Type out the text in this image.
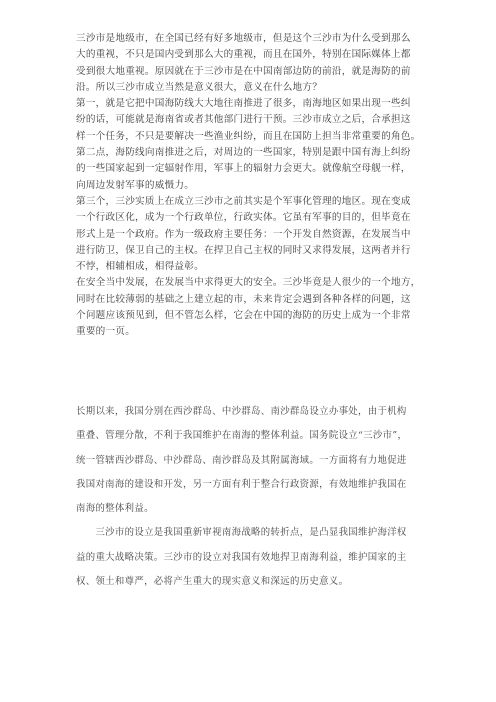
三沙市是地级市，在全国已经有好多地级市，但是这个三沙市为什么受到那么
大的重视，不只是国内受到那么大的重视，而且在国外，特别在国际媒体上都
受到很大地重视。原因就在于三沙市是在中国南部边防的前沿，就是海防的前
沿。所以三沙市成立当然是意义很大，意义在什么地方？
第一，就是它把中国海防线大大地往南推进了很多，南海地区如果出现一些纠
纷的话，可能就是海南省或者其他部门进行干预。三沙市成立之后，合承担这
样一个任务，不只是要解决一些渔业纠纷，而且在国防上担当非常重要的角色。
第二点，海防线向南推进之后，对周边的一些国家，特别是跟中国有海上纠纷
的一些国家起到一定辐射作用，军事上的辐射力会更大。就像航空母舰一样，
向周边发射军事的威慑力。
第三个，三沙实质上在成立三沙市之前其实是个军事化管理的地区。现在变成
一个行政区化，成为一个行政单位，行政实体。它虽有军事的目的，但毕竟在
形式上是一个政府。作为一级政府主要任务：一个开发自然资源，在发展当中
进行防卫，保卫自己的主权。在捍卫自己主权的同时又求得发展，这两者并行
不悖，相辅相成，相得益彰。
在安全当中发展，在发展当中求得更大的安全。三沙毕竟是人很少的一个地方，
同时在比较薄弱的基础之上建立起的市，未来肯定会遇到各种各样的问题，这
个问题应该预见到，但不管怎么样，它会在中国的海防的历史上成为一个非常
重要的一页。
长期以来，我国分别在西沙群岛、中沙群岛、南沙群岛设立办事处，由于机构
重叠、管理分散，不利于我国维护在南海的整体利益。国务院设立“三沙市”，
统一管辖西沙群岛、中沙群岛、南沙群岛及其附属海域。一方面将有力地促进
我国对南海的建设和开发，另一方面有利于整合行政资源，有效地维护我国在
南海的整体利益。
　　三沙市的设立是我国重新审视南海战略的转折点，是凸显我国维护海洋权
益的重大战略决策。三沙市的设立对我国有效地捍卫南海利益，维护国家的主
权、领土和尊严，必将产生重大的现实意义和深远的历史意义。
